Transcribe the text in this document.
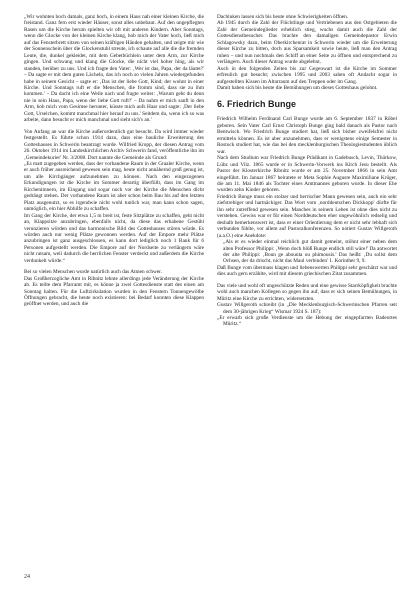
„Wir wohnten hoch damals, ganz hoch, in einem Haus nah einer kleinen Kirche, die freistand. Ganz fern erst wieder Häuser, sonst alles unbebaut. Auf den ungepflegten Rasen um die Kirche herum spielten wir oft mit anderen Kindern. Aber Sonntags, wenn die Glocke von der kleinen Kirche klang, hob mich der Vater hoch, ließ mich auf das Fensterbrett sitzen von seinen kräftigen Händen gehalten, und zeigte mir wie der Sonnenschein über die Glockenstuhl streute, ich schaute auf alle die die fremden Leute, die, dunkel gekleidet, mit dem Gebetbüchlein unter dem Arm, zur Kirche gingen. Und schwang und klang die Glocke, die nicht viel hoher hing, als wir standen, herüber zu uns. Und ich fragte den Vater: ‚Wer ist das, Papa, der da läutet?' – Da sagte er mit dem guten Lächeln, das ich noch so vielen Jahren wiedergefunden habe in seinem Gesicht – sagte er: ‚Das ist der liebe Gott, Kind; der wohnt in einer Kirche. Und Sonntags ruft er die Menschen, die fromm sind, dass sie zu ihm kommen.' – Da dacht ich eine Weile nach und fragte weiter: ‚Warum geht du denn nie in sein Haus, Papa, wenn der liebe Gott ruft?' – Da nahm er mich sanft in den Arm, hob mich vom Gesimse herunter, küsste mich aufs Haar und sagte: ‚Der liebe Gott, Urselchen, kommt manchmal hier herauf zu uns.' Seitdem du, wenn ich so was arbeite, dann besucht er mich manchmal und sieht sich's an.'

Von Anfang an war die Kirche außerordentlich gut besucht. Da wird immer wieder festgestellt. Es führte schon 1914 dazu, dass eine bauliche Erweiterung des Gotteshauses in Schwerin beantragt wurde. Wilfried Kropp, der diesen Antrag vom 26. Oktober 1914 im Landeskirchlichen Archiv Schwerin fand, veröffentliche ihn im ‚Gemeindekurier' Nr. 3/2008. Dort nannte die Gemeinde als Grund:

„Es matt zugegeben werden, dass der vorhandene Raum in der Graaler Kirche, wenn er auch früher ausreichend gewesen sein mag, heute nicht annähernd groß genug ist, um alle Kirchgänger aufzunehmen zu können. Nach den eingezogenen Erkundigungen ist die Kirche im Sommer derartig überfüllt, dass im Gang im Kirchenimnern, im Eingang und sogar noch vor der Kirche die Menschen dicht gedrängt stehen. Der vorhandene Raum ist aber schon beim Bau bis auf den letzten Platz ausgenutzt, so es irgendwie nicht wohl tunlich war, man kann schon sagen, unmöglich, ein hier Abhilfe zu schaffen.

Im Gang der Kirche, der etwa 1,5 m breit ist, feste Sitzplätze zu schaffen, geht nicht an, Klappsitze anzubringen, ebenfalls nicht, da diese das erhabene Gestühl verunzieren würden und das harmonische Bild des Gotteshauses stören würde. Es würden auch nur wenig Plätze gewonnen werden. Auf der Empore mehr Plätze anzubringen ist ganz ausgeschlossen, es kann dort lediglich noch 1 Bank für 6 Personen aufgestellt werden. Die Empore auf der Nordseite zu verlängern wäre nicht ratsam, weil dadurch die herrlichen Fenster verdeckt und außerdem die Kirche verdunkelt würde.“

Bei so vielen Menschen wurde natürlich auch das Atmen schwer.

Das Großherzogliche Amt in Ribnitz lehnte allerdings jede Veränderung der Kirche ab. Es teilte dem Pfarramt mit, es könne ja zwei Gottesdienste statt des einen am Sonntag halten. Für die Luftzirkulation wurden in den Fenstern Tonnengewölbe Öffnungen gebracht, die heute noch existieren: bei Bedarf konnten diese Klappen geöffnet werden, und auch die

Dachluken lassen sich bis heute ohne Schwierigkeiten öffnen.

Ab 1945 durch die Zahl der Flüchtlinge und Vertriebenen aus den Ostgebieten die Zahl der Gemeindeglieder erheblich stieg, wuchs damit auch die Zahl der Gottesdienstbesucher. Das brachte den damaligen Gemeindepastor Erwin Schlagowsky dazu, beim Oberkirchenrat in Schwerin wieder um die Erweiterung dieser Kirche zu bitten, doch aus Sparsamkeit sowie heute, ließ man den Antrag ruhen – und nun nochmals den Schiff an einer Seite zu öffnen und entsprechend zu verlängern. Auch dieser Antrag wurde abgelehnt.

Auch in den folgenden Zeiten bis zur Gegenwart ist die Kirche im Sommer erfreulich gut besucht; zwischen 1995 und 2003 sahen oft Andacht sogar in aufgestellten Kissen im Altarraum auf den Treppen oder im Gang.

Damit haben sich bis heute die Bemühungen um dieses Gotteshaus gelohnt.

6. Friedrich Bunge

Friedrich Wilhelm Ferdinand Carl Bunge wurde am 6. September 1837 in Röbel geboren. Sein Vater Carl Ernst Christoph Bunge ging bald danach als Pastor nach Bentwisch. Wo Friedrich Bunge studiert hat, ließ sich bisher zweifelsfrei nicht ermitteln können. Es ist aber anzunehmen, dass er wenigstens einige Semester in Rostock studiert hat, wie das bei den mecklenburgischen Theologiestudenten üblich war.

Nach dem Studium war Friedrich Bunge Prädikant in Gadebusch, Levin, Thürkow, Lübz und Vilz. 1865 wurde er in Schwerin-Vorwerk ins Kirch Jesu bestellt. Als Pastor der Klosterkirche Ribnitz wurde er am 25. November 1866 in sein Amt eingeführt. Im Januar 1867 heiratete er Meta Sophie Auguste Maximiliane Krüger, die am 11. Mai 1846 als Tochter eines Amtmannes geboren wurde. In dieser Ehe wurden zehn Kinder geboren.

Friedrich Bunge muss ein stolzer und herrischer Mann gewesen sein, auch ein sehr ziefstrebiger und hartnäckiger. Das Wort vom ‚norddeutschen Dickkopp' dürfte für ihn sehr zutreffend gewesen sein. Manches in seinem Leben ist ohne dies nicht zu verstehen. Gewiss war er für einen Norddeutschen eher ungewöhnlich redselig und deshalb bemerkenswert ist, dass er einer Orientierung dem er nicht sehr lebhaft sich verbunden fühlte, vor allem auf Pastoralkonferenzen. So notiert Gustav Willgeroth (a.a.O.) eine Anekdote:

„Als er es wieder einmal reichlich gut damit gemeint, stöhnt einer neben dem alten Professor Philippi: ‚Wenn doch blöß Bunge endlich still wäre!' Da antwortet der alte Philippi: ‚Boun ge abounta ou phimousis.' Das heißt: ‚Du sollst dem Ochsen, der da drischt, nicht das Maul verbinden' 1. Korinther 9, 9.

Daß Bunge vom übermass klagen und liebenswerten Philippi sehr geschätzt war und dies auch gern erzählte, wird mit diesem griechischen Zitat zusammen.

Das viele und wohl oft ungeschützte Reden und eine gewisse Starrköpfigkeit brachte wohl auch manchen Kollegen so gegen ihn auf, dass er sich seinen Bemühungen, in Müritz eine Kirche zu errichten, widersetzten.

Gustav Willgeroth schreibt (in „Die Mecklenburgisch-Schwerinschen Pfarren seit dem 30-jährigen Krieg“ Wismar 1924 S. 187):

„Er erwarb sich große Verdienste um die Hebung der eingepfarrten Badeortes Müritz.“

24
